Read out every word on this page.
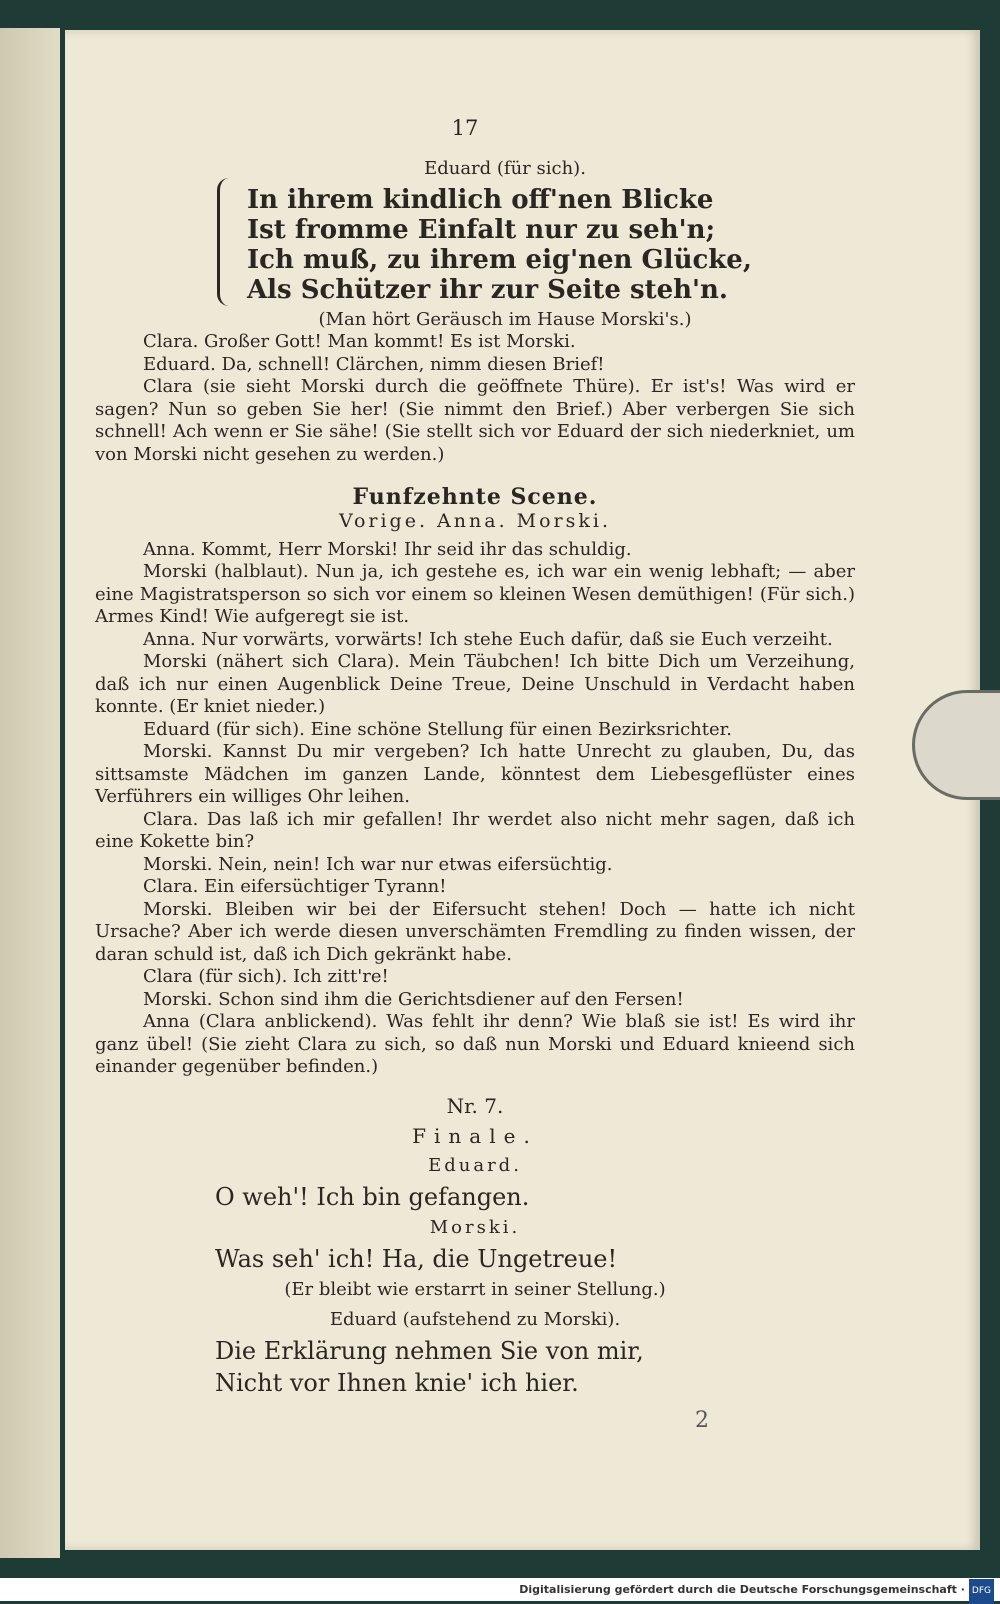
17

Eduard (für sich).

In ihrem kindlich off'nen Blicke

Ist fromme Einfalt nur zu seh'n;

Ich muß, zu ihrem eig'nen Glücke,

Als Schützer ihr zur Seite steh'n.

(Man hört Geräusch im Hause Morski's.)

Clara. Großer Gott! Man kommt! Es ist Morski.

Eduard. Da, schnell! Clärchen, nimm diesen Brief!

Clara (sie sieht Morski durch die geöffnete Thüre). Er ist's! Was wird er sagen? Nun so geben Sie her! (Sie nimmt den Brief.) Aber verbergen Sie sich schnell! Ach wenn er Sie sähe! (Sie stellt sich vor Eduard der sich niederkniet, um von Morski nicht gesehen zu werden.)

Funfzehnte Scene.

Vorige. Anna. Morski.

Anna. Kommt, Herr Morski! Ihr seid ihr das schuldig.

Morski (halblaut). Nun ja, ich gestehe es, ich war ein wenig lebhaft; — aber eine Magistratsperson so sich vor einem so kleinen Wesen demüthigen! (Für sich.) Armes Kind! Wie aufgeregt sie ist.

Anna. Nur vorwärts, vorwärts! Ich stehe Euch dafür, daß sie Euch verzeiht.

Morski (nähert sich Clara). Mein Täubchen! Ich bitte Dich um Verzeihung, daß ich nur einen Augenblick Deine Treue, Deine Unschuld in Verdacht haben konnte. (Er kniet nieder.)

Eduard (für sich). Eine schöne Stellung für einen Bezirksrichter.

Morski. Kannst Du mir vergeben? Ich hatte Unrecht zu glauben, Du, das sittsamste Mädchen im ganzen Lande, könntest dem Liebesgeflüster eines Verführers ein williges Ohr leihen.

Clara. Das laß ich mir gefallen! Ihr werdet also nicht mehr sagen, daß ich eine Kokette bin?

Morski. Nein, nein! Ich war nur etwas eifersüchtig.

Clara. Ein eifersüchtiger Tyrann!

Morski. Bleiben wir bei der Eifersucht stehen! Doch — hatte ich nicht Ursache? Aber ich werde diesen unverschämten Fremdling zu finden wissen, der daran schuld ist, daß ich Dich gekränkt habe.

Clara (für sich). Ich zitt're!

Morski. Schon sind ihm die Gerichtsdiener auf den Fersen!

Anna (Clara anblickend). Was fehlt ihr denn? Wie blaß sie ist! Es wird ihr ganz übel! (Sie zieht Clara zu sich, so daß nun Morski und Eduard knieend sich einander gegenüber befinden.)

Nr. 7.

Finale.

Eduard.

O weh'! Ich bin gefangen.

Morski.

Was seh' ich! Ha, die Ungetreue!

(Er bleibt wie erstarrt in seiner Stellung.)

Eduard (aufstehend zu Morski).

Die Erklärung nehmen Sie von mir,

Nicht vor Ihnen knie' ich hier.

2
Digitalisierung gefördert durch die Deutsche Forschungsgemeinschaft · DFG
